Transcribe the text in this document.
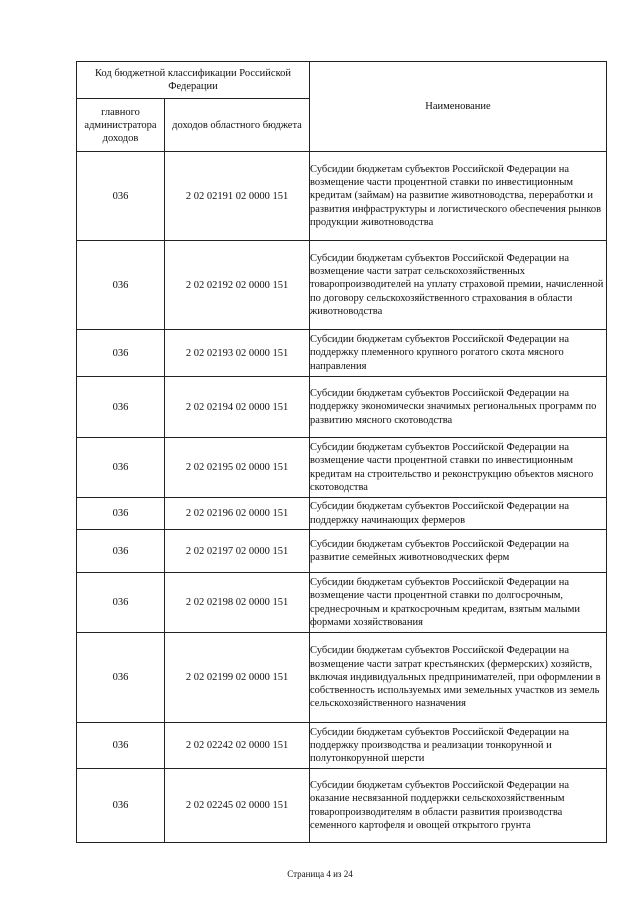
Код бюджетной классификации Российской Федерации		Наименование
главного администратора доходов	доходов областного бюджета	
036	2 02 02191 02 0000 151	Субсидии бюджетам субъектов Российской Федерации на возмещение части процентной ставки по инвестиционным кредитам (займам) на развитие животноводства, переработки и развития инфраструктуры и логистического обеспечения рынков продукции животноводства
036	2 02 02192 02 0000 151	Субсидии бюджетам субъектов Российской Федерации на возмещение части затрат сельскохозяйственных товаропроизводителей на уплату страховой премии, начисленной по договору сельскохозяйственного страхования в области животноводства
036	2 02 02193 02 0000 151	Субсидии бюджетам субъектов Российской Федерации на поддержку племенного крупного рогатого скота мясного направления
036	2 02 02194 02 0000 151	Субсидии бюджетам субъектов Российской Федерации на поддержку экономически значимых региональных программ по развитию мясного скотоводства
036	2 02 02195 02 0000 151	Субсидии бюджетам субъектов Российской Федерации на возмещение части процентной ставки по инвестиционным кредитам на строительство и реконструкцию объектов мясного скотоводства
036	2 02 02196 02 0000 151	Субсидии бюджетам субъектов Российской Федерации на поддержку начинающих фермеров
036	2 02 02197 02 0000 151	Субсидии бюджетам субъектов Российской Федерации на развитие семейных животноводческих ферм
036	2 02 02198 02 0000 151	Субсидии бюджетам субъектов Российской Федерации на возмещение части процентной ставки по долгосрочным, среднесрочным и краткосрочным кредитам, взятым малыми формами хозяйствования
036	2 02 02199 02 0000 151	Субсидии бюджетам субъектов Российской Федерации на возмещение части затрат крестьянских (фермерских) хозяйств, включая индивидуальных предпринимателей, при оформлении в собственность используемых ими земельных участков из земель сельскохозяйственного назначения
036	2 02 02242 02 0000 151	Субсидии бюджетам субъектов Российской Федерации на поддержку производства и реализации тонкорунной и полутонкорунной шерсти
036	2 02 02245 02 0000 151	Субсидии бюджетам субъектов Российской Федерации на оказание несвязанной поддержки сельскохозяйственным товаропроизводителям в области развития производства семенного картофеля и овощей открытого грунта
Страница 4 из 24
